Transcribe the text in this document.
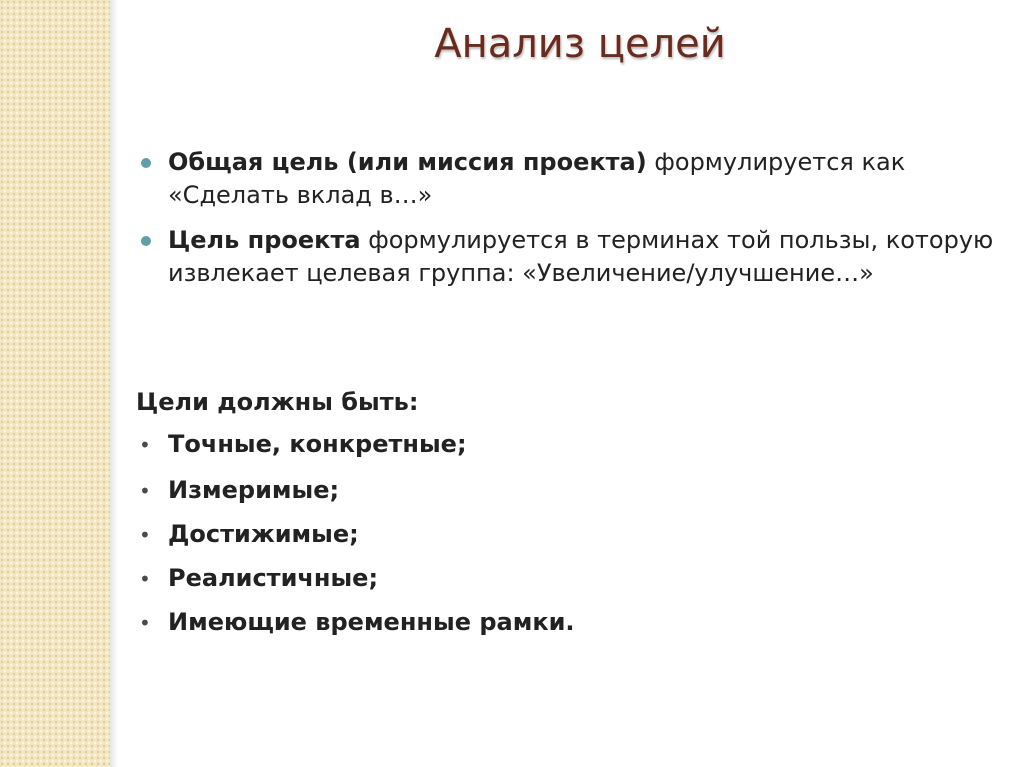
Анализ целей
Общая цель (или миссия проекта) формулируется как «Сделать вклад в…»
Цель проекта формулируется в терминах той пользы, которую извлекает целевая группа: «Увеличение/улучшение…»
Цели должны быть:
• Точные, конкретные;
• Измеримые;
• Достижимые;
• Реалистичные;
• Имеющие временные рамки.
